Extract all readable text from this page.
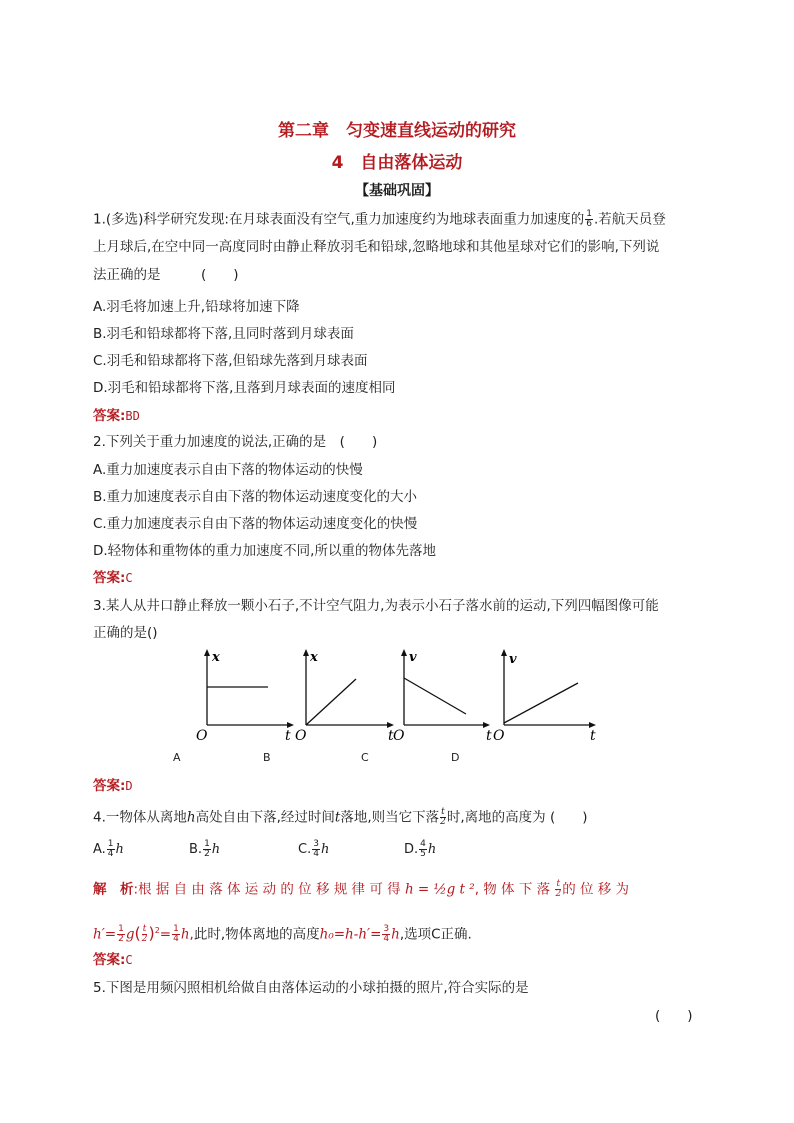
第二章　匀变速直线运动的研究
4　自由落体运动
【基础巩固】
1.(多选)科学研究发现:在月球表面没有空气,重力加速度约为地球表面重力加速度的 $\frac{1}{6}$ .若航天员登
上月球后,在空中同一高度同时由静止释放羽毛和铅球,忽略地球和其他星球对它们的影响,下列说
法正确的是　　　(　　)
A.羽毛将加速上升,铅球将加速下降
B.羽毛和铅球都将下落,且同时落到月球表面
C.羽毛和铅球都将下落,但铅球先落到月球表面
D.羽毛和铅球都将下落,且落到月球表面的速度相同
答案:BD
2.下列关于重力加速度的说法,正确的是　(　　)
A.重力加速度表示自由下落的物体运动的快慢
B.重力加速度表示自由下落的物体运动速度变化的大小
C.重力加速度表示自由下落的物体运动速度变化的快慢
D.轻物体和重物体的重力加速度不同,所以重的物体先落地
答案:C
3.某人从井口静止释放一颗小石子,不计空气阻力,为表示小石子落水前的运动,下列四幅图像可能
正确的是()
x
O	t
x
O	t
v
O	t
v
O	t
A	B	C	D
答案:D
4.一物体从离地h高处自由下落,经过时间t落地,则当它下落 $\frac{t}{2}$ 时,离地的高度为 (　　)
A. $\frac{1}{4}$ h	B. $\frac{1}{2}$ h	C. $\frac{3}{4}$ h	D. $\frac{4}{5}$ h
解　析:根 据 自 由 落 体 运 动 的 位 移 规 律 可 得 h = ½g t ², 物 体 下 落 $\frac{t}{2}$ 的 位 移 为
$h'= \frac{1}{2} g( \frac{t}{2} )^2= \frac{1}{4} h$,此时,物体离地的高度$h_0=h-h'= \frac{3}{4} h$,选项C正确.
答案:C
5.下图是用频闪照相机给做自由落体运动的小球拍摄的照片,符合实际的是
(　　)
